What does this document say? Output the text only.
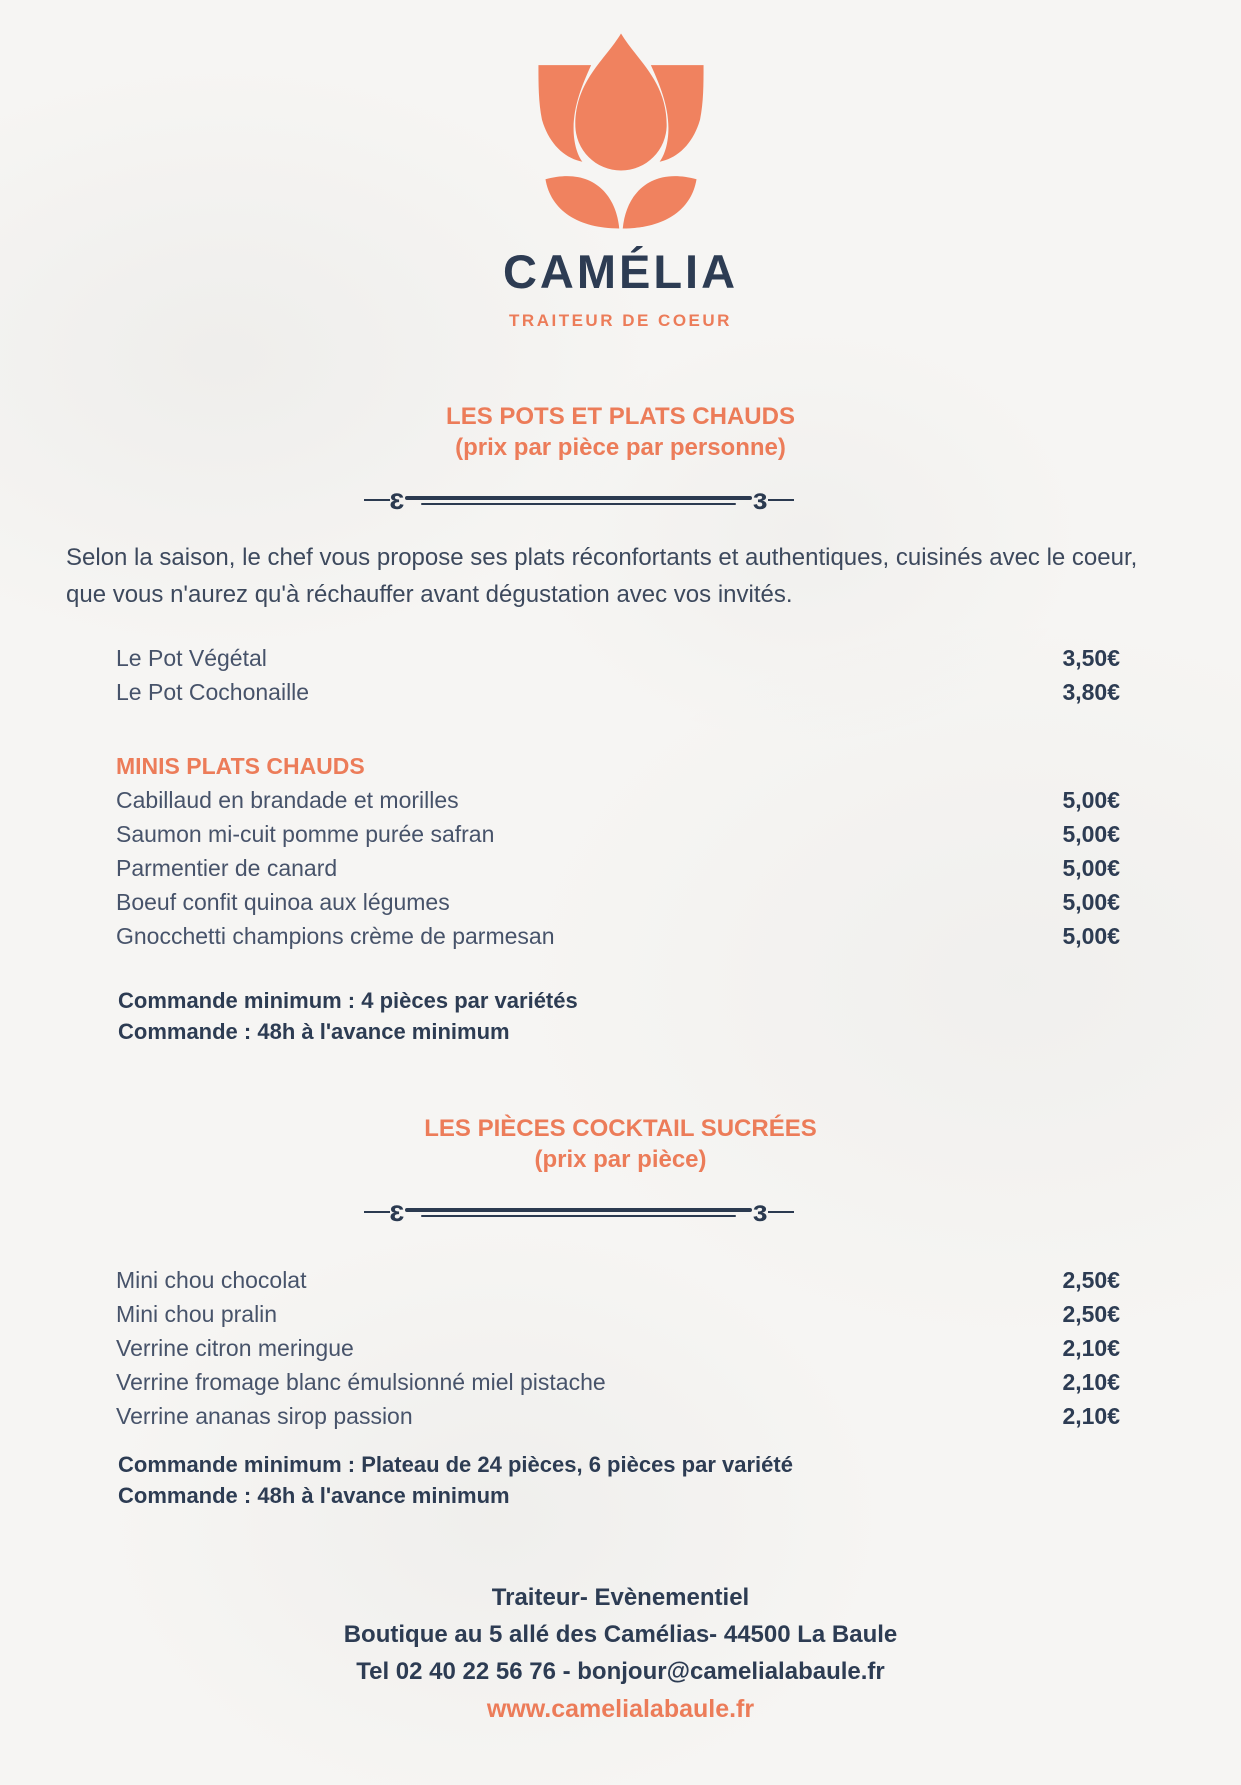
CAMÉLIA
TRAITEUR DE COEUR
LES POTS ET PLATS CHAUDS
(prix par pièce par personne)
ɛ	ɜ

Selon la saison, le chef vous propose ses plats réconfortants et authentiques, cuisinés avec le coeur, que vous n'aurez qu'à réchauffer avant dégustation avec vos invités.

Le Pot Végétal	3,50€
Le Pot Cochonaille	3,80€
MINIS PLATS CHAUDS
Cabillaud en brandade et morilles	5,00€
Saumon mi-cuit pomme purée safran	5,00€
Parmentier de canard	5,00€
Boeuf confit quinoa aux légumes	5,00€
Gnocchetti champions crème de parmesan	5,00€
Commande minimum : 4 pièces par variétés
Commande : 48h à l'avance minimum
LES PIÈCES COCKTAIL SUCRÉES
(prix par pièce)
ɛ	ɜ
Mini chou chocolat	2,50€
Mini chou pralin	2,50€
Verrine citron meringue	2,10€
Verrine fromage blanc émulsionné miel pistache	2,10€
Verrine ananas sirop passion	2,10€
Commande minimum : Plateau de 24 pièces, 6 pièces par variété
Commande : 48h à l'avance minimum
Traiteur- Evènementiel
Boutique au 5 allé des Camélias- 44500 La Baule
Tel 02 40 22 56 76 - bonjour@camelialabaule.fr
www.camelialabaule.fr
